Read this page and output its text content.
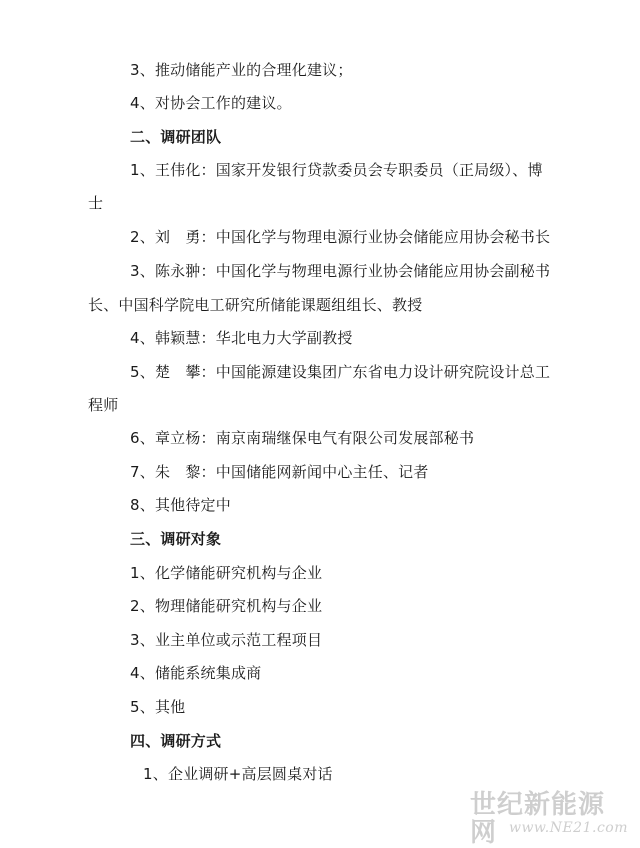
3、推动储能产业的合理化建议；
4、对协会工作的建议。
二、调研团队
1、王伟化：国家开发银行贷款委员会专职委员（正局级）、博
士
2、刘　勇：中国化学与物理电源行业协会储能应用协会秘书长
3、陈永翀：中国化学与物理电源行业协会储能应用协会副秘书
长、中国科学院电工研究所储能课题组组长、教授
4、韩颖慧：华北电力大学副教授
5、楚　攀：中国能源建设集团广东省电力设计研究院设计总工
程师
6、章立杨：南京南瑞继保电气有限公司发展部秘书
7、朱　黎：中国储能网新闻中心主任、记者
8、其他待定中
三、调研对象
1、化学储能研究机构与企业
2、物理储能研究机构与企业
3、业主单位或示范工程项目
4、储能系统集成商
5、其他
四、调研方式
1、企业调研+高层圆桌对话
世纪新能源网 www.NE21.com
